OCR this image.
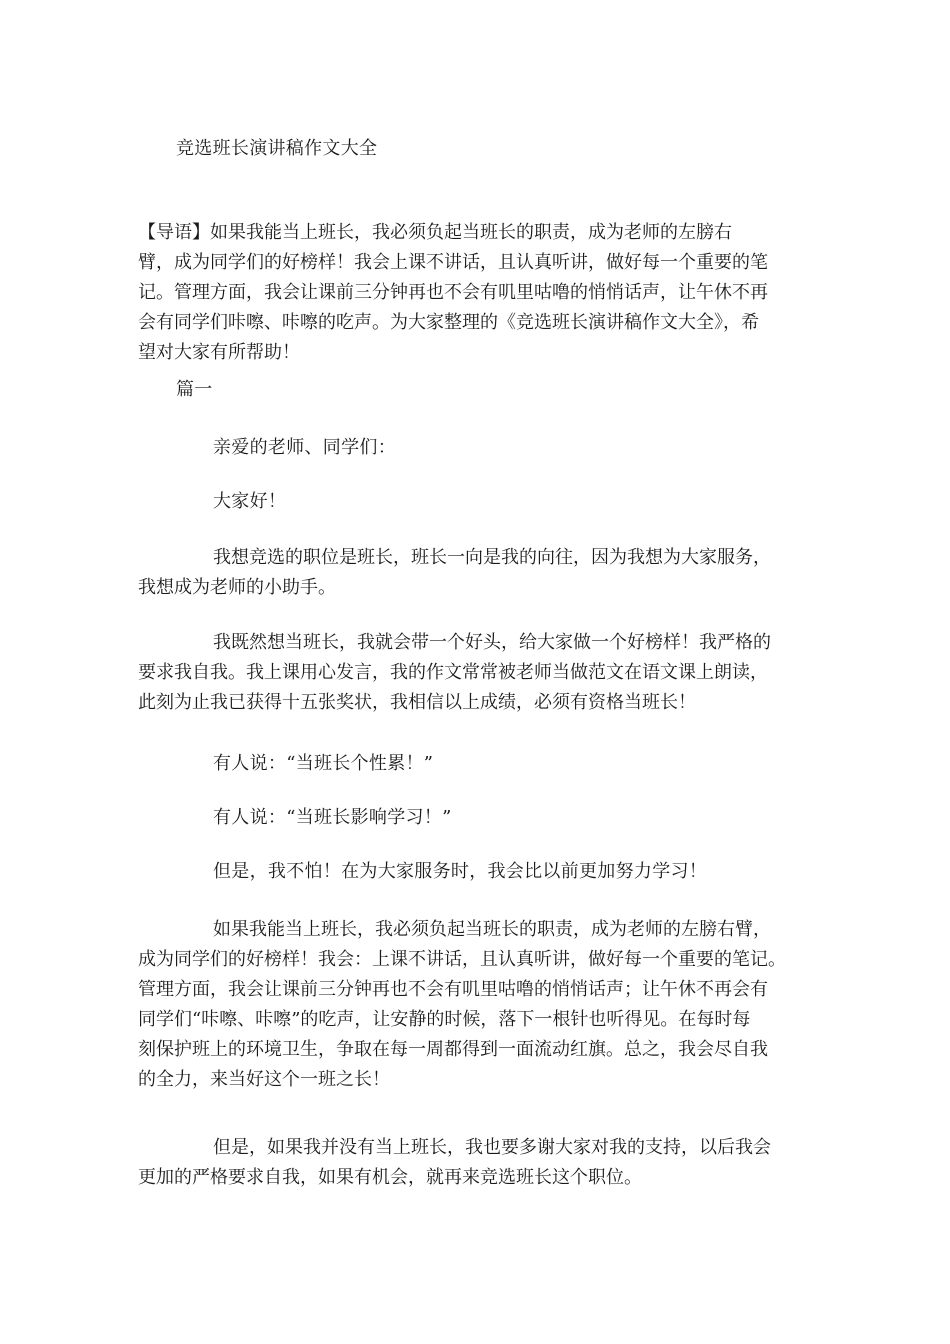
竞选班长演讲稿作文大全
【导语】如果我能当上班长，我必须负起当班长的职责，成为老师的左膀右
臂，成为同学们的好榜样！我会上课不讲话，且认真听讲，做好每一个重要的笔
记。管理方面，我会让课前三分钟再也不会有叽里咕噜的悄悄话声，让午休不再
会有同学们咔嚓、咔嚓的吃声。为大家整理的《竞选班长演讲稿作文大全》，希
望对大家有所帮助！
篇一
亲爱的老师、同学们：
大家好！
我想竞选的职位是班长，班长一向是我的向往，因为我想为大家服务，
我想成为老师的小助手。
我既然想当班长，我就会带一个好头，给大家做一个好榜样！我严格的
要求我自我。我上课用心发言，我的作文常常被老师当做范文在语文课上朗读，
此刻为止我已获得十五张奖状，我相信以上成绩，必须有资格当班长！
有人说：“当班长个性累！”
有人说：“当班长影响学习！”
但是，我不怕！在为大家服务时，我会比以前更加努力学习！
如果我能当上班长，我必须负起当班长的职责，成为老师的左膀右臂，
成为同学们的好榜样！我会：上课不讲话，且认真听讲，做好每一个重要的笔记。
管理方面，我会让课前三分钟再也不会有叽里咕噜的悄悄话声；让午休不再会有
同学们“咔嚓、咔嚓”的吃声，让安静的时候，落下一根针也听得见。在每时每
刻保护班上的环境卫生，争取在每一周都得到一面流动红旗。总之，我会尽自我
的全力，来当好这个一班之长！
但是，如果我并没有当上班长，我也要多谢大家对我的支持，以后我会
更加的严格要求自我，如果有机会，就再来竞选班长这个职位。
